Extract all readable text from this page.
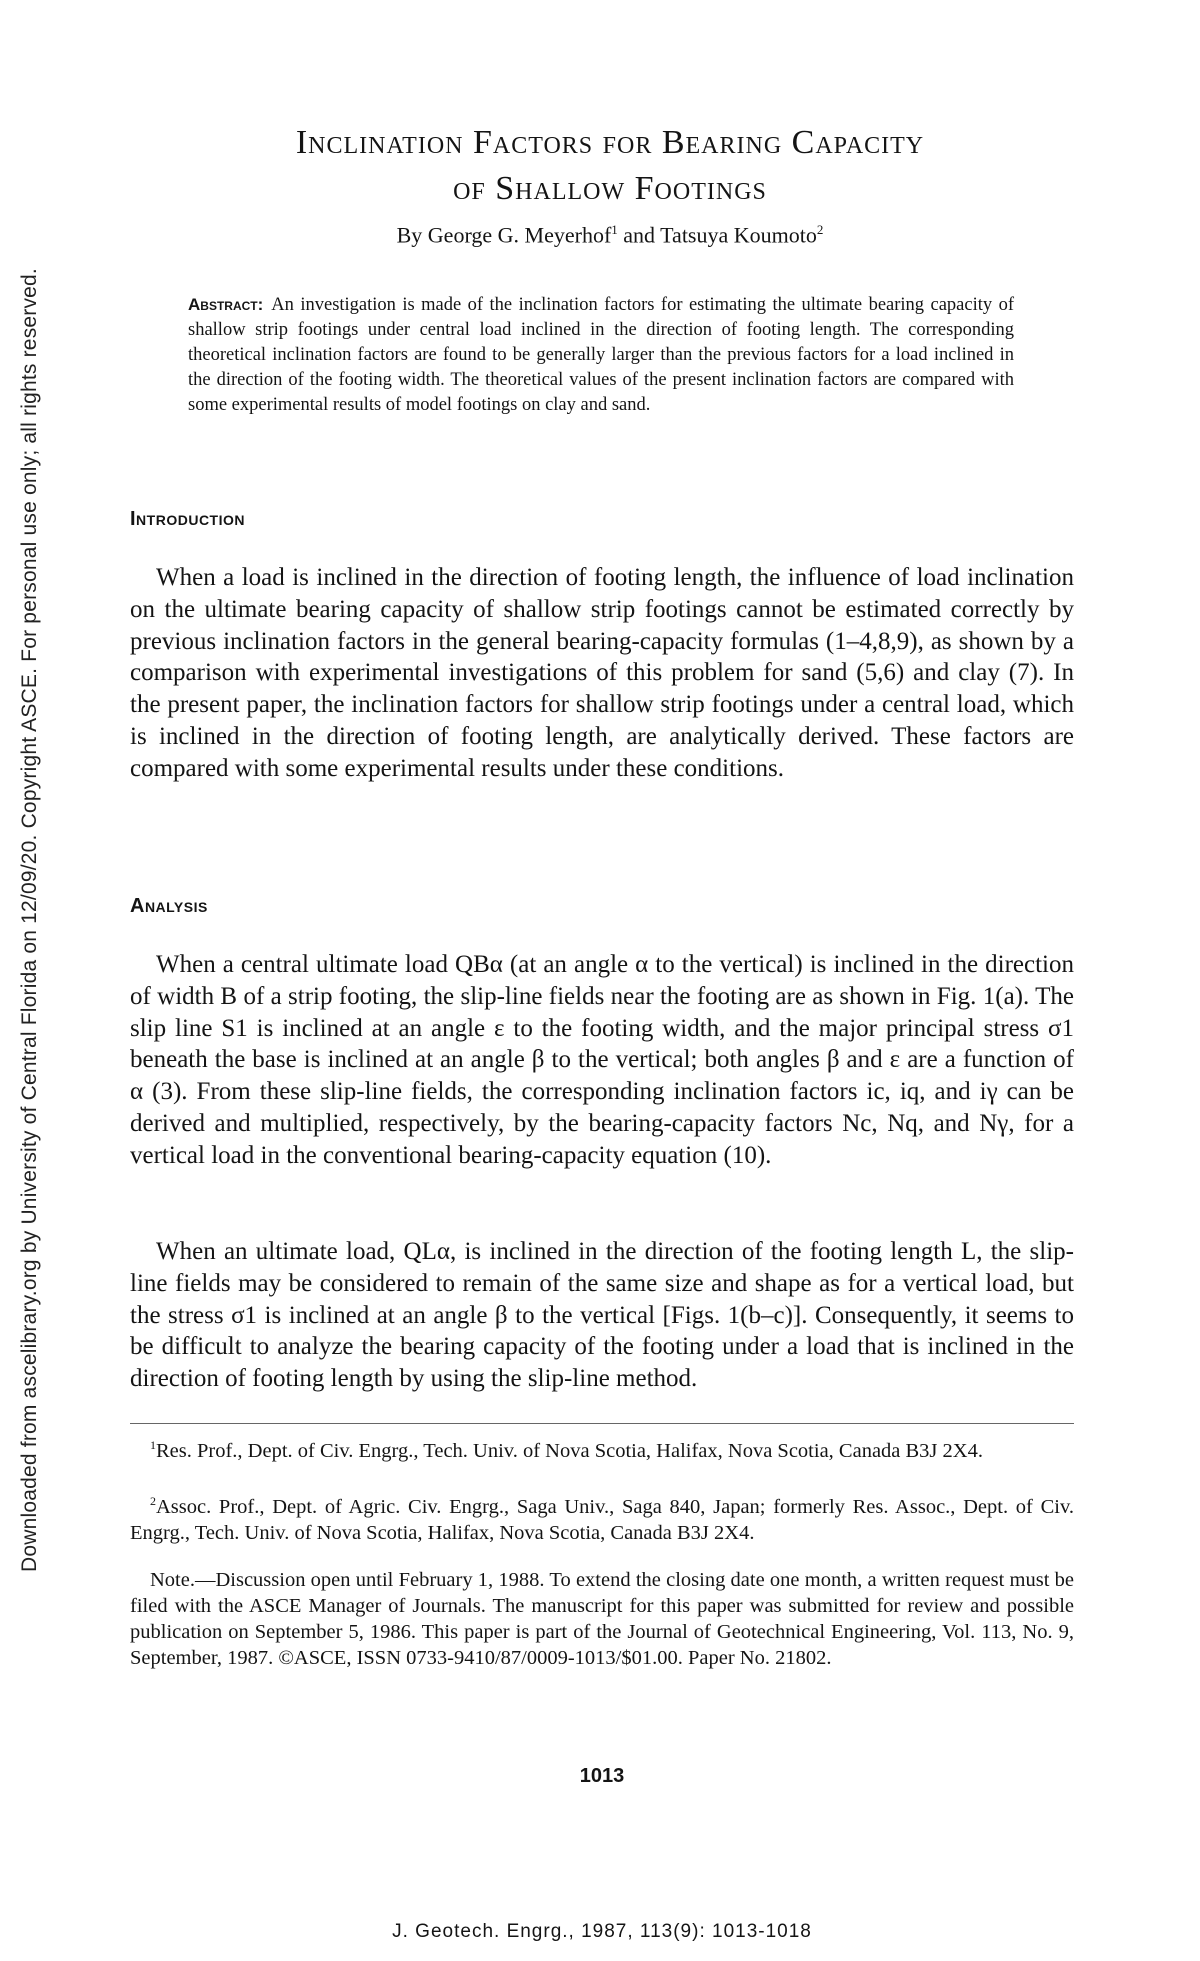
Downloaded from ascelibrary.org by University of Central Florida on 12/09/20. Copyright ASCE. For personal use only; all rights reserved.
Inclination Factors for Bearing Capacity
of Shallow Footings
By George G. Meyerhof$^1$ and Tatsuya Koumoto$^2$
Abstract: An investigation is made of the inclination factors for estimating the ultimate bearing capacity of shallow strip footings under central load inclined in the direction of footing length. The corresponding theoretical inclination factors are found to be generally larger than the previous factors for a load inclined in the direction of the footing width. The theoretical values of the present inclination factors are compared with some experimental results of model footings on clay and sand.
Introduction
When a load is inclined in the direction of footing length, the influence of load inclination on the ultimate bearing capacity of shallow strip footings cannot be estimated correctly by previous inclination factors in the general bearing-capacity formulas (1–4,8,9), as shown by a comparison with experimental investigations of this problem for sand (5,6) and clay (7). In the present paper, the inclination factors for shallow strip footings under a central load, which is inclined in the direction of footing length, are analytically derived. These factors are compared with some experimental results under these conditions.
Analysis
When a central ultimate load QBα (at an angle α to the vertical) is inclined in the direction of width B of a strip footing, the slip-line fields near the footing are as shown in Fig. 1(a). The slip line S1 is inclined at an angle ε to the footing width, and the major principal stress σ1 beneath the base is inclined at an angle β to the vertical; both angles β and ε are a function of α (3). From these slip-line fields, the corresponding inclination factors ic, iq, and iγ can be derived and multiplied, respectively, by the bearing-capacity factors Nc, Nq, and Nγ, for a vertical load in the conventional bearing-capacity equation (10).
When an ultimate load, QLα, is inclined in the direction of the footing length L, the slip-line fields may be considered to remain of the same size and shape as for a vertical load, but the stress σ1 is inclined at an angle β to the vertical [Figs. 1(b–c)]. Consequently, it seems to be difficult to analyze the bearing capacity of the footing under a load that is inclined in the direction of footing length by using the slip-line method.
$^1$Res. Prof., Dept. of Civ. Engrg., Tech. Univ. of Nova Scotia, Halifax, Nova Scotia, Canada B3J 2X4.
$^2$Assoc. Prof., Dept. of Agric. Civ. Engrg., Saga Univ., Saga 840, Japan; formerly Res. Assoc., Dept. of Civ. Engrg., Tech. Univ. of Nova Scotia, Halifax, Nova Scotia, Canada B3J 2X4.
Note.—Discussion open until February 1, 1988. To extend the closing date one month, a written request must be filed with the ASCE Manager of Journals. The manuscript for this paper was submitted for review and possible publication on September 5, 1986. This paper is part of the Journal of Geotechnical Engineering, Vol. 113, No. 9, September, 1987. ©ASCE, ISSN 0733-9410/87/0009-1013/$01.00. Paper No. 21802.
1013
J. Geotech. Engrg., 1987, 113(9): 1013-1018
